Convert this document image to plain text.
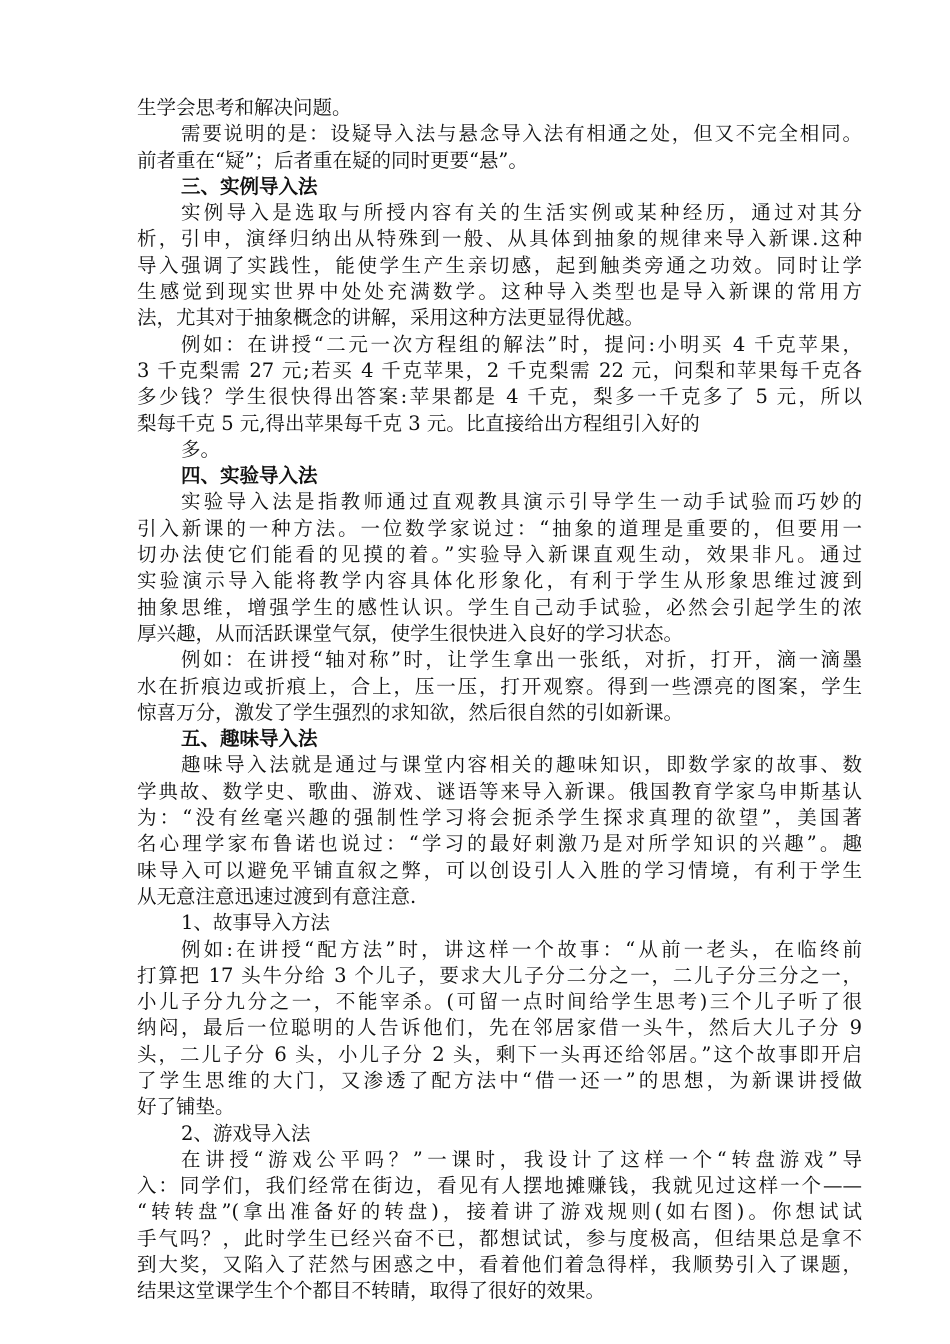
生学会思考和解决问题。
需要说明的是：设疑导入法与悬念导入法有相通之处，但又不完全相同。
前者重在“疑”；后者重在疑的同时更要“悬”。
三、实例导入法
实例导入是选取与所授内容有关的生活实例或某种经历，通过对其分
析，引申，演绎归纳出从特殊到一般、从具体到抽象的规律来导入新课.这种
导入强调了实践性，能使学生产生亲切感，起到触类旁通之功效。同时让学
生感觉到现实世界中处处充满数学。这种导入类型也是导入新课的常用方
法，尤其对于抽象概念的讲解，采用这种方法更显得优越。
例如：在讲授“二元一次方程组的解法”时，提问:小明买 4 千克苹果，
3 千克梨需 27 元;若买 4 千克苹果，2 千克梨需 22 元，问梨和苹果每千克各
多少钱？学生很快得出答案:苹果都是 4 千克，梨多一千克多了 5 元，所以
梨每千克 5 元,得出苹果每千克 3 元。比直接给出方程组引入好的
多。
四、实验导入法
实验导入法是指教师通过直观教具演示引导学生一动手试验而巧妙的
引入新课的一种方法。一位数学家说过：“抽象的道理是重要的，但要用一
切办法使它们能看的见摸的着。”实验导入新课直观生动，效果非凡。通过
实验演示导入能将教学内容具体化形象化，有利于学生从形象思维过渡到
抽象思维，增强学生的感性认识。学生自己动手试验，必然会引起学生的浓
厚兴趣，从而活跃课堂气氛，使学生很快进入良好的学习状态。
例如：在讲授“轴对称”时，让学生拿出一张纸，对折，打开，滴一滴墨
水在折痕边或折痕上，合上，压一压，打开观察。得到一些漂亮的图案，学生
惊喜万分，激发了学生强烈的求知欲，然后很自然的引如新课。
五、趣味导入法
趣味导入法就是通过与课堂内容相关的趣味知识，即数学家的故事、数
学典故、数学史、歌曲、游戏、谜语等来导入新课。俄国教育学家乌申斯基认
为：“没有丝毫兴趣的强制性学习将会扼杀学生探求真理的欲望”，美国著
名心理学家布鲁诺也说过：“学习的最好刺激乃是对所学知识的兴趣”。趣
味导入可以避免平铺直叙之弊，可以创设引人入胜的学习情境，有利于学生
从无意注意迅速过渡到有意注意.
1、故事导入方法
例如:在讲授“配方法”时，讲这样一个故事：“从前一老头，在临终前
打算把 17 头牛分给 3 个儿子，要求大儿子分二分之一，二儿子分三分之一，
小儿子分九分之一，不能宰杀。(可留一点时间给学生思考)三个儿子听了很
纳闷，最后一位聪明的人告诉他们，先在邻居家借一头牛，然后大儿子分 9
头，二儿子分 6 头，小儿子分 2 头，剩下一头再还给邻居。”这个故事即开启
了学生思维的大门，又渗透了配方法中“借一还一”的思想，为新课讲授做
好了铺垫。
2、游戏导入法
在讲授“游戏公平吗？”一课时，我设计了这样一个“转盘游戏”导
入：同学们，我们经常在街边，看见有人摆地摊赚钱，我就见过这样一个——
“转转盘”(拿出准备好的转盘)，接着讲了游戏规则(如右图)。你想试试
手气吗？，此时学生已经兴奋不已，都想试试，参与度极高，但结果总是拿不
到大奖，又陷入了茫然与困惑之中，看着他们着急得样，我顺势引入了课题，
结果这堂课学生个个都目不转睛，取得了很好的效果。
